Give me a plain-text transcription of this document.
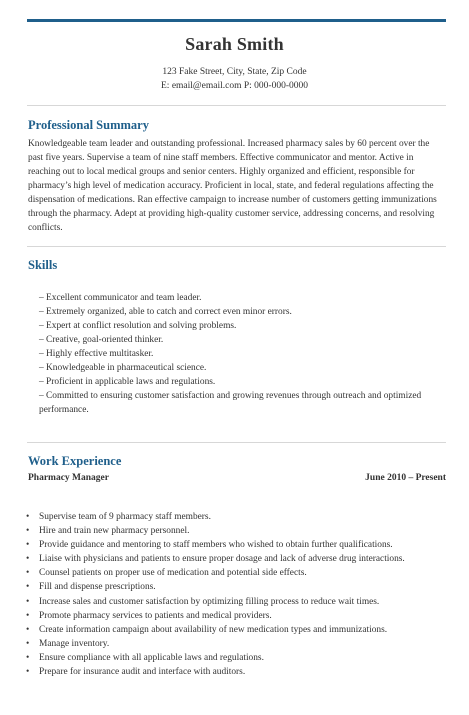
Sarah Smith
123 Fake Street, City, State, Zip Code
E: email@email.com P: 000-000-0000
Professional Summary
Knowledgeable team leader and outstanding professional. Increased pharmacy sales by 60 percent over the past five years. Supervise a team of nine staff members. Effective communicator and mentor. Active in reaching out to local medical groups and senior centers. Highly organized and efficient, responsible for pharmacy’s high level of medication accuracy. Proficient in local, state, and federal regulations affecting the dispensation of medications. Ran effective campaign to increase number of customers getting immunizations through the pharmacy. Adept at providing high-quality customer service, addressing concerns, and resolving conflicts.
Skills
– Excellent communicator and team leader.
– Extremely organized, able to catch and correct even minor errors.
– Expert at conflict resolution and solving problems.
– Creative, goal-oriented thinker.
– Highly effective multitasker.
– Knowledgeable in pharmaceutical science.
– Proficient in applicable laws and regulations.
– Committed to ensuring customer satisfaction and growing revenues through outreach and optimized performance.
Work Experience
Pharmacy Manager	June 2010 – Present
• Supervise team of 9 pharmacy staff members.
• Hire and train new pharmacy personnel.
• Provide guidance and mentoring to staff members who wished to obtain further qualifications.
• Liaise with physicians and patients to ensure proper dosage and lack of adverse drug interactions.
• Counsel patients on proper use of medication and potential side effects.
• Fill and dispense prescriptions.
• Increase sales and customer satisfaction by optimizing filling process to reduce wait times.
• Promote pharmacy services to patients and medical providers.
• Create information campaign about availability of new medication types and immunizations.
• Manage inventory.
• Ensure compliance with all applicable laws and regulations.
• Prepare for insurance audit and interface with auditors.
